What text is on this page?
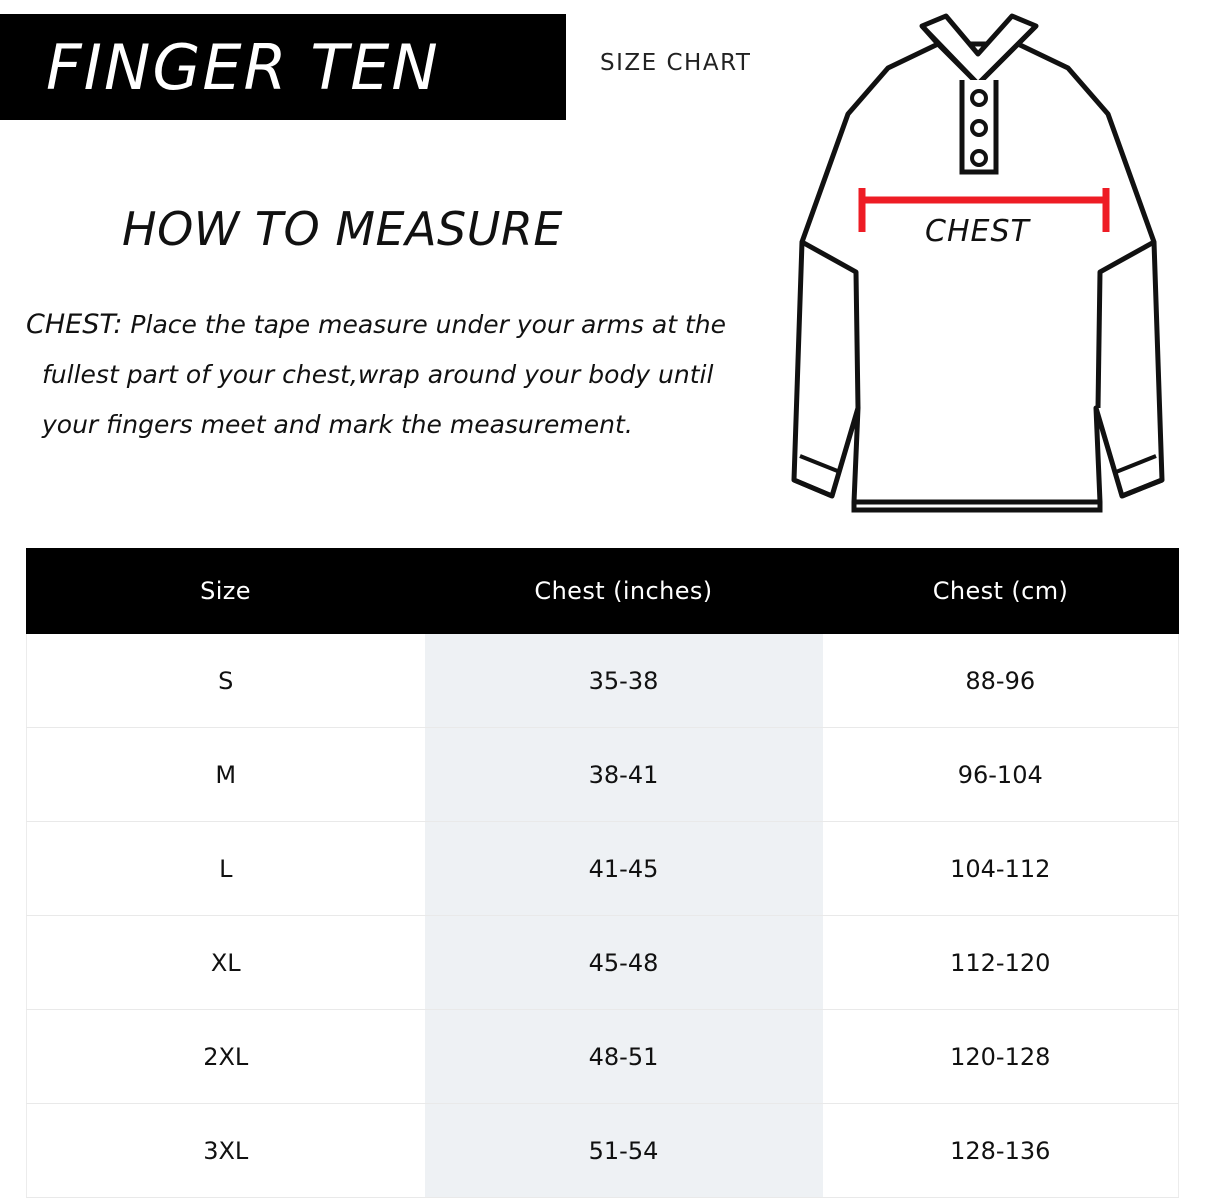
FINGER TEN	SIZE CHART
HOW TO MEASURE
CHEST: Place the tape measure under your arms at the
fullest part of your chest,wrap around your body until
your fingers meet and mark the measurement.
CHEST
Size	Chest (inches)	Chest (cm)
S	35-38	88-96
M	38-41	96-104
L	41-45	104-112
XL	45-48	112-120
2XL	48-51	120-128
3XL	51-54	128-136
